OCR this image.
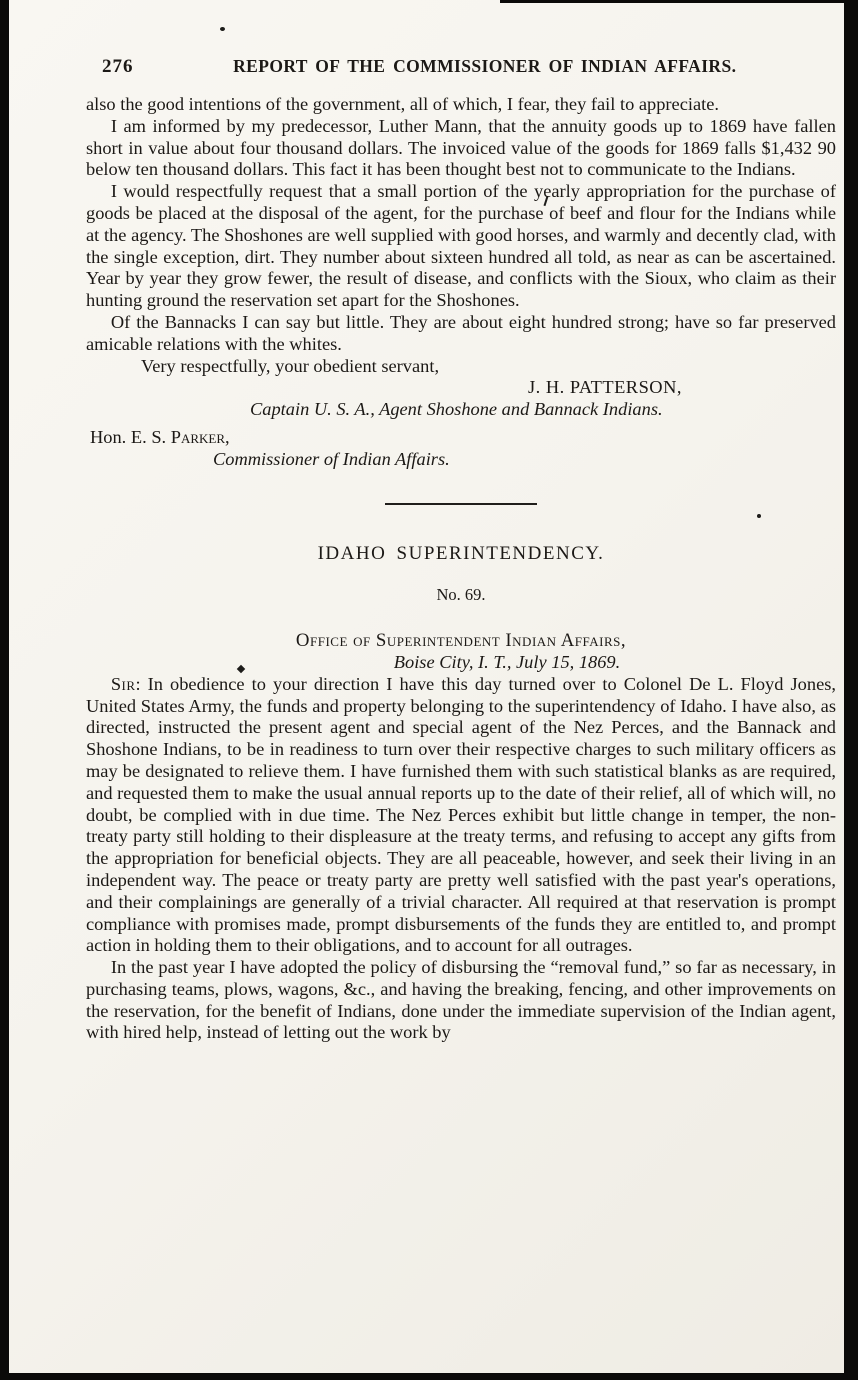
276	REPORT OF THE COMMISSIONER OF INDIAN AFFAIRS.

also the good intentions of the government, all of which, I fear, they fail to appreciate.

I am informed by my predecessor, Luther Mann, that the annuity goods up to 1869 have fallen short in value about four thousand dollars. The invoiced value of the goods for 1869 falls $1,432 90 below ten thousand dollars. This fact it has been thought best not to communicate to the Indians.

I would respectfully request that a small portion of the yearly appropriation for the purchase of goods be placed at the disposal of the agent, for the purchase of beef and flour for the Indians while at the agency. The Shoshones are well supplied with good horses, and warmly and decently clad, with the single exception, dirt. They number about sixteen hundred all told, as near as can be ascertained. Year by year they grow fewer, the result of disease, and conflicts with the Sioux, who claim as their hunting ground the reservation set apart for the Shoshones.

Of the Bannacks I can say but little. They are about eight hundred strong; have so far preserved amicable relations with the whites.

Very respectfully, your obedient servant,

J. H. PATTERSON,

Captain U. S. A., Agent Shoshone and Bannack Indians.

Hon. E. S. Parker,

Commissioner of Indian Affairs.

IDAHO SUPERINTENDENCY.

No. 69.

Office of Superintendent Indian Affairs,

Boise City, I. T., July 15, 1869.

Sir: In obedience to your direction I have this day turned over to Colonel De L. Floyd Jones, United States Army, the funds and property belonging to the superintendency of Idaho. I have also, as directed, instructed the present agent and special agent of the Nez Perces, and the Bannack and Shoshone Indians, to be in readiness to turn over their respective charges to such military officers as may be designated to relieve them. I have furnished them with such statistical blanks as are required, and requested them to make the usual annual reports up to the date of their relief, all of which will, no doubt, be complied with in due time. The Nez Perces exhibit but little change in temper, the non-treaty party still holding to their displeasure at the treaty terms, and refusing to accept any gifts from the appropriation for beneficial objects. They are all peaceable, however, and seek their living in an independent way. The peace or treaty party are pretty well satisfied with the past year's operations, and their complainings are generally of a trivial character. All required at that reservation is prompt compliance with promises made, prompt disbursements of the funds they are entitled to, and prompt action in holding them to their obligations, and to account for all outrages.

In the past year I have adopted the policy of disbursing the “removal fund,” so far as necessary, in purchasing teams, plows, wagons, &c., and having the breaking, fencing, and other improvements on the reservation, for the benefit of Indians, done under the immediate supervision of the Indian agent, with hired help, instead of letting out the work by
